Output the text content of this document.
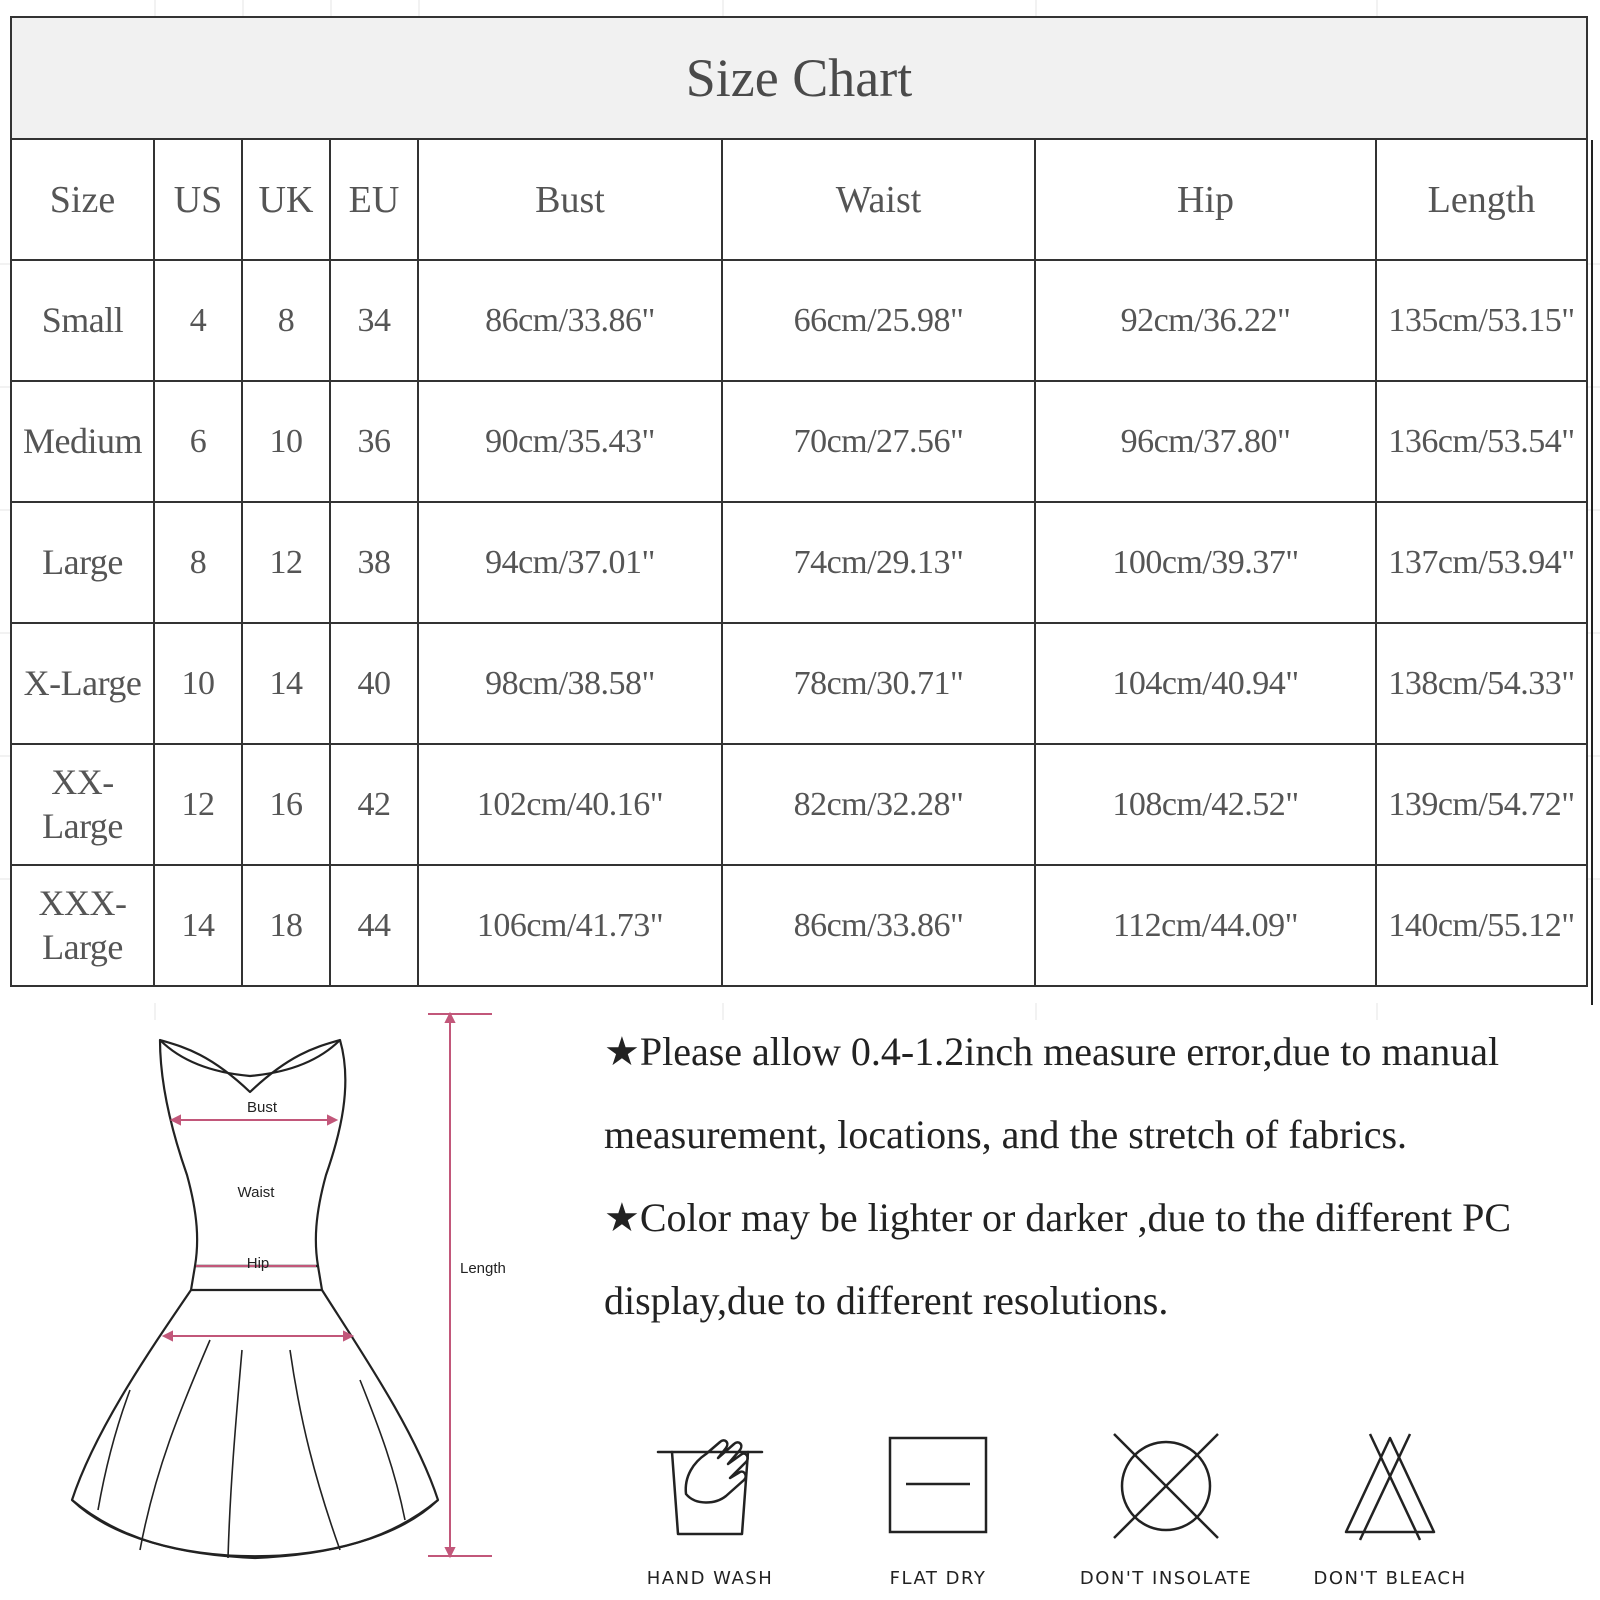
Size Chart							
Size	US	UK	EU	Bust	Waist	Hip	Length
Small	4	8	34	86cm/33.86"	66cm/25.98"	92cm/36.22"	135cm/53.15"
Medium	6	10	36	90cm/35.43"	70cm/27.56"	96cm/37.80"	136cm/53.54"
Large	8	12	38	94cm/37.01"	74cm/29.13"	100cm/39.37"	137cm/53.94"
X-Large	10	14	40	98cm/38.58"	78cm/30.71"	104cm/40.94"	138cm/54.33"
XX-Large	12	16	42	102cm/40.16"	82cm/32.28"	108cm/42.52"	139cm/54.72"
XXX-Large	14	18	44	106cm/41.73"	86cm/33.86"	112cm/44.09"	140cm/55.12"
Bust
Waist
Hip	Length

★Please allow 0.4-1.2inch measure error,due to manual measurement, locations, and the stretch of fabrics.

★Color may be lighter or darker ,due to the different PC display,due to different resolutions.

HAND WASH	FLAT DRY	DON'T INSOLATE	DON'T BLEACH
